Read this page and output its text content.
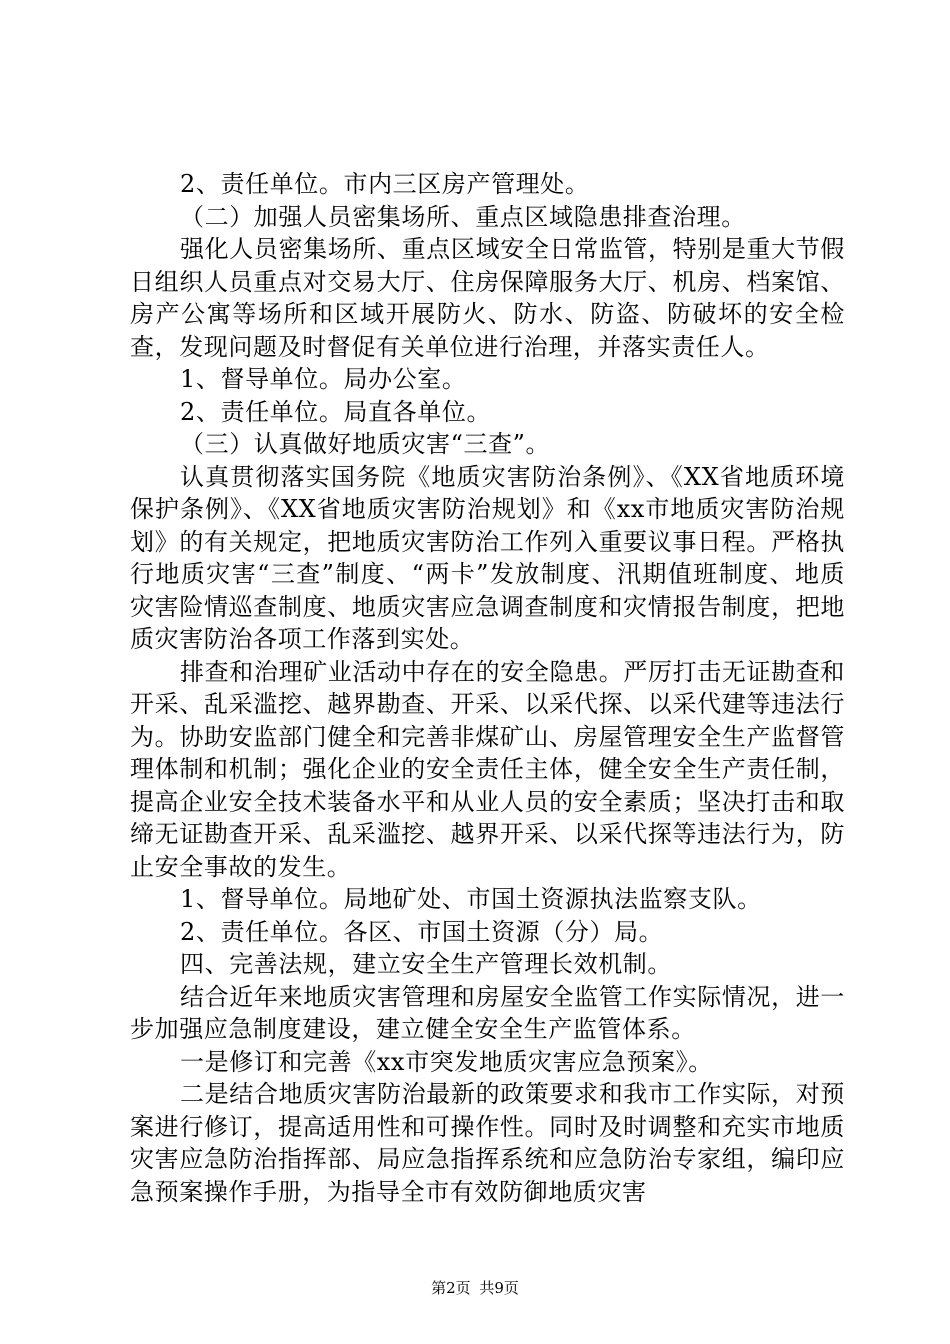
2、责任单位。市内三区房产管理处。

（二）加强人员密集场所、重点区域隐患排查治理。

强化人员密集场所、重点区域安全日常监管，特别是重大节假日组织人员重点对交易大厅、住房保障服务大厅、机房、档案馆、房产公寓等场所和区域开展防火、防水、防盗、防破坏的安全检查，发现问题及时督促有关单位进行治理，并落实责任人。

1、督导单位。局办公室。

2、责任单位。局直各单位。

（三）认真做好地质灾害“三查”。

认真贯彻落实国务院《地质灾害防治条例》、《XX省地质环境保护条例》、《XX省地质灾害防治规划》和《xx市地质灾害防治规划》的有关规定，把地质灾害防治工作列入重要议事日程。严格执行地质灾害“三查”制度、“两卡”发放制度、汛期值班制度、地质灾害险情巡查制度、地质灾害应急调查制度和灾情报告制度，把地质灾害防治各项工作落到实处。

排查和治理矿业活动中存在的安全隐患。严厉打击无证勘查和开采、乱采滥挖、越界勘查、开采、以采代探、以采代建等违法行为。协助安监部门健全和完善非煤矿山、房屋管理安全生产监督管理体制和机制；强化企业的安全责任主体，健全安全生产责任制，提高企业安全技术装备水平和从业人员的安全素质；坚决打击和取缔无证勘查开采、乱采滥挖、越界开采、以采代探等违法行为，防止安全事故的发生。

1、督导单位。局地矿处、市国土资源执法监察支队。

2、责任单位。各区、市国土资源（分）局。

四、完善法规，建立安全生产管理长效机制。

结合近年来地质灾害管理和房屋安全监管工作实际情况，进一步加强应急制度建设，建立健全安全生产监管体系。

一是修订和完善《xx市突发地质灾害应急预案》。

二是结合地质灾害防治最新的政策要求和我市工作实际，对预案进行修订，提高适用性和可操作性。同时及时调整和充实市地质灾害应急防治指挥部、局应急指挥系统和应急防治专家组，编印应急预案操作手册，为指导全市有效防御地质灾害

第2页 共9页
